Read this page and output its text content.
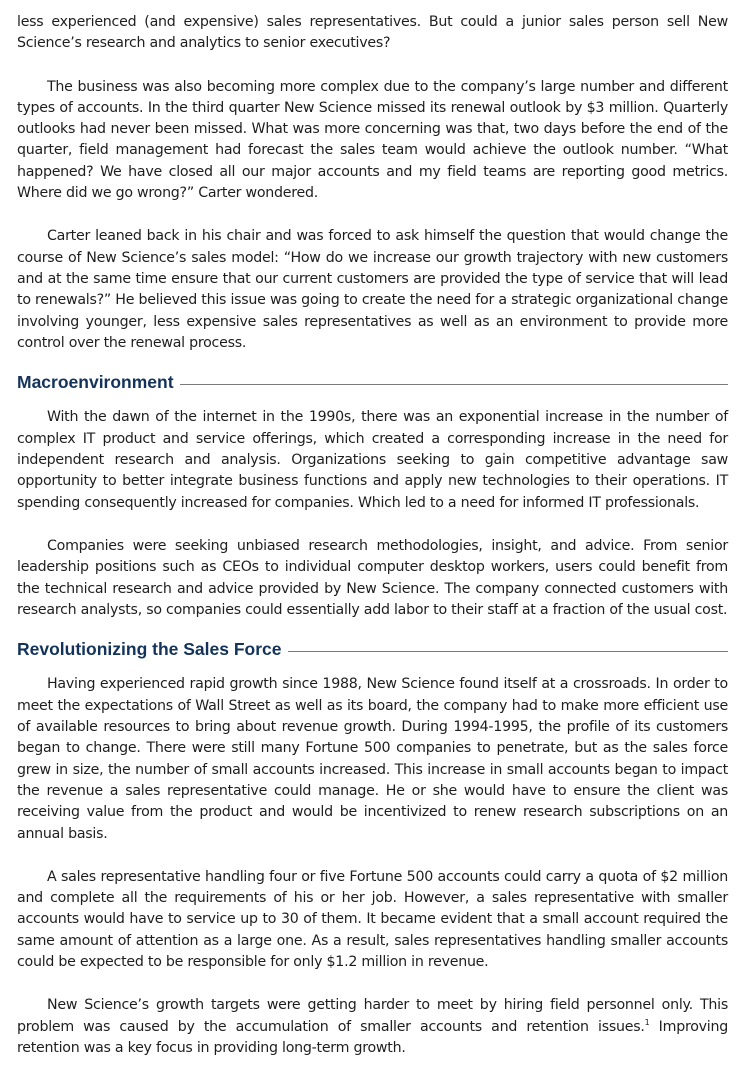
less experienced (and expensive) sales representatives. But could a junior sales person sell New Science’s research and analytics to senior executives?

The business was also becoming more complex due to the company’s large number and different types of accounts. In the third quarter New Science missed its renewal outlook by $3 million. Quarterly outlooks had never been missed. What was more concerning was that, two days before the end of the quarter, field management had forecast the sales team would achieve the outlook number. “What happened? We have closed all our major accounts and my field teams are reporting good metrics. Where did we go wrong?” Carter wondered.

Carter leaned back in his chair and was forced to ask himself the question that would change the course of New Science’s sales model: “How do we increase our growth trajectory with new customers and at the same time ensure that our current customers are provided the type of service that will lead to renewals?” He believed this issue was going to create the need for a strategic organizational change involving younger, less expensive sales representatives as well as an environment to provide more control over the renewal process.

Macroenvironment

With the dawn of the internet in the 1990s, there was an exponential increase in the number of complex IT product and service offerings, which created a corresponding increase in the need for independent research and analysis. Organizations seeking to gain competitive advantage saw opportunity to better integrate business functions and apply new technologies to their operations. IT spending consequently increased for companies. Which led to a need for informed IT professionals.

Companies were seeking unbiased research methodologies, insight, and advice. From senior leadership positions such as CEOs to individual computer desktop workers, users could benefit from the technical research and advice provided by New Science. The company connected customers with research analysts, so companies could essentially add labor to their staff at a fraction of the usual cost.

Revolutionizing the Sales Force

Having experienced rapid growth since 1988, New Science found itself at a crossroads. In order to meet the expectations of Wall Street as well as its board, the company had to make more efficient use of available resources to bring about revenue growth. During 1994-1995, the profile of its customers began to change. There were still many Fortune 500 companies to penetrate, but as the sales force grew in size, the number of small accounts increased. This increase in small accounts began to impact the revenue a sales representative could manage. He or she would have to ensure the client was receiving value from the product and would be incentivized to renew research subscriptions on an annual basis.

A sales representative handling four or five Fortune 500 accounts could carry a quota of $2 million and complete all the requirements of his or her job. However, a sales representative with smaller accounts would have to service up to 30 of them. It became evident that a small account required the same amount of attention as a large one. As a result, sales representatives handling smaller accounts could be expected to be responsible for only $1.2 million in revenue.

New Science’s growth targets were getting harder to meet by hiring field personnel only. This problem was caused by the accumulation of smaller accounts and retention issues.$^1$ Improving retention was a key focus in providing long-term growth.
